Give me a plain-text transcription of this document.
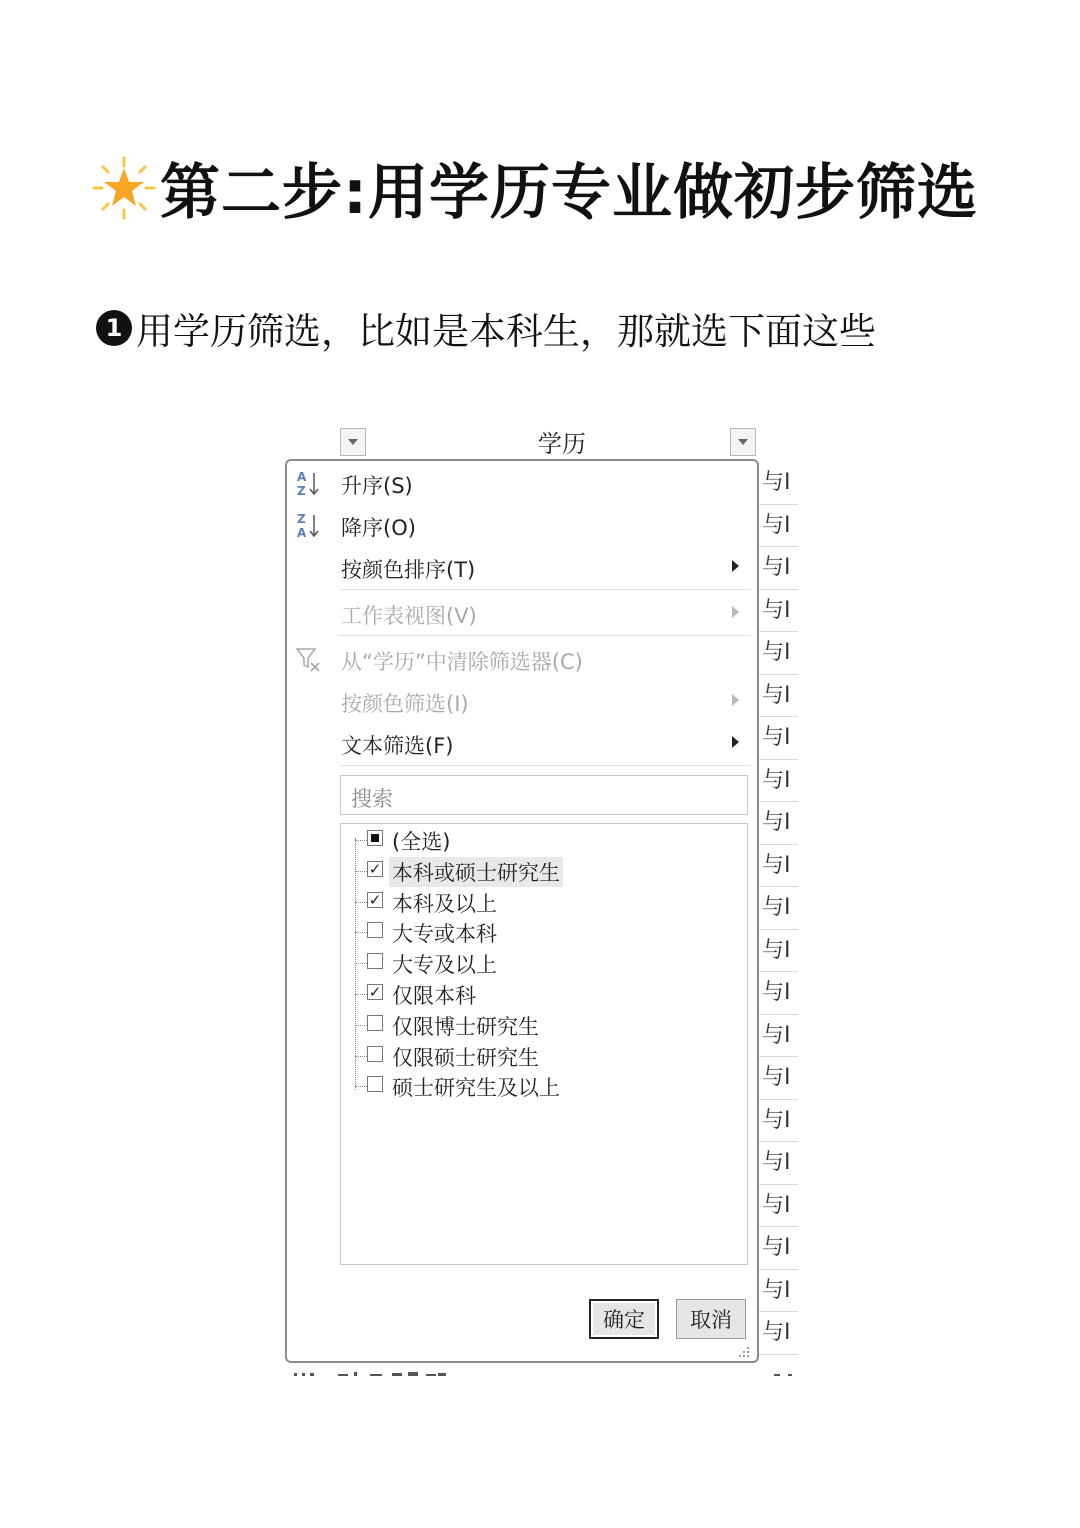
第二步:用学历专业做初步筛选
1 用学历筛选，比如是本科生，那就选下面这些
学历
与I
与I
与I
与I
与I
与I
与I
与I
与I
与I
与I
与I
与I
与I
与I
与I
与I
与I
与I
与I
与I
A
Z 升序(S)
Z
A 降序(O)
按颜色排序(T)
工作表视图(V)
从“学历”中清除筛选器(C)
按颜色筛选(I)
文本筛选(F)
搜索
(全选)
✓ 本科或硕士研究生
✓ 本科及以上
大专或本科
大专及以上
✓ 仅限本科
仅限博士研究生
仅限硕士研究生
硕士研究生及以上
确定	取消
